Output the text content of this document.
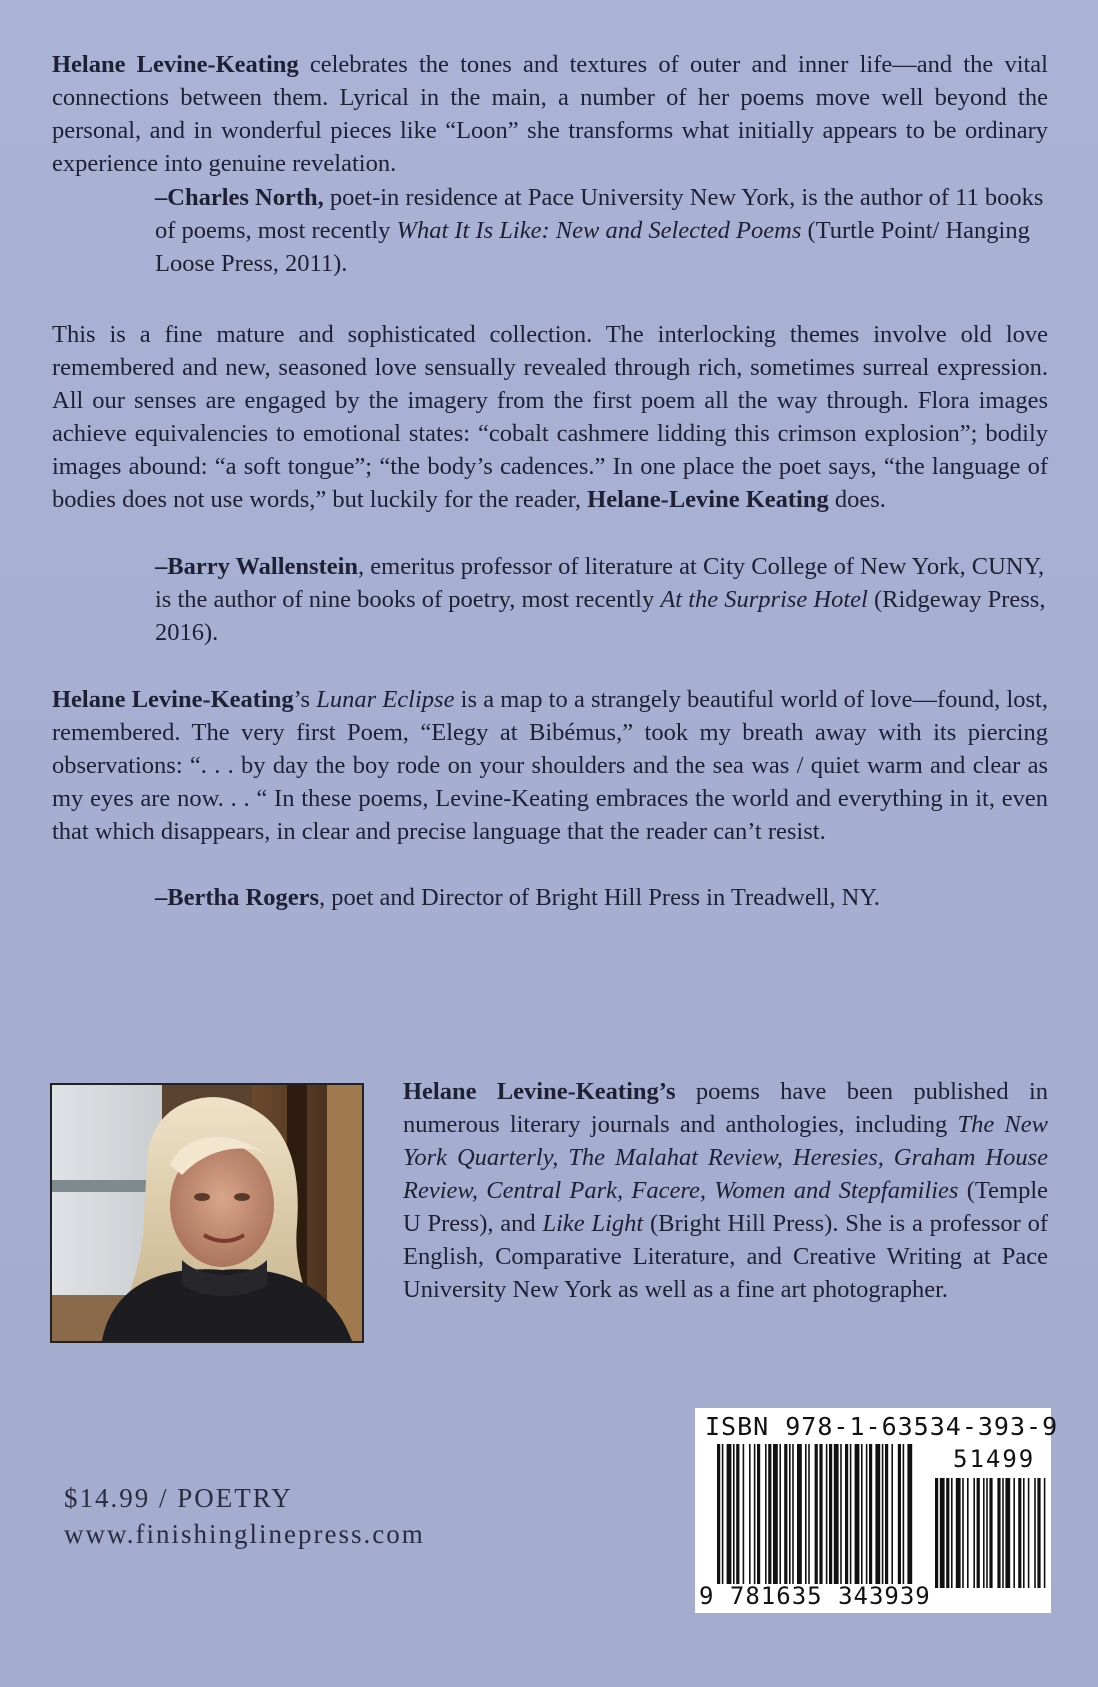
Helane Levine-Keating celebrates the tones and textures of outer and inner life—and the vital connections between them. Lyrical in the main, a number of her poems move well beyond the personal, and in wonderful pieces like “Loon” she transforms what initially appears to be ordinary experience into genuine revelation.
–Charles North, poet-in residence at Pace University New York, is the author of 11 books of poems, most recently What It Is Like: New and Selected Poems (Turtle Point/ Hanging Loose Press, 2011).
This is a fine mature and sophisticated collection. The interlocking themes involve old love remembered and new, seasoned love sensually revealed through rich, sometimes surreal expression. All our senses are engaged by the imagery from the first poem all the way through. Flora images achieve equivalencies to emotional states: “cobalt cashmere lidding this crimson explosion”; bodily images abound: “a soft tongue”; “the body’s cadences.” In one place the poet says, “the language of bodies does not use words,” but luckily for the reader, Helane-Levine Keating does.
–Barry Wallenstein, emeritus professor of literature at City College of New York, CUNY, is the author of nine books of poetry, most recently At the Surprise Hotel (Ridgeway Press, 2016).
Helane Levine-Keating’s Lunar Eclipse is a map to a strangely beautiful world of love—found, lost, remembered. The very first Poem, “Elegy at Bibémus,” took my breath away with its piercing observations: “. . . by day the boy rode on your shoulders and the sea was / quiet warm and clear as my eyes are now. . . “ In these poems, Levine-Keating embraces the world and everything in it, even that which disappears, in clear and precise language that the reader can’t resist.
–Bertha Rogers, poet and Director of Bright Hill Press in Treadwell, NY.
Helane Levine-Keating’s poems have been published in numerous literary journals and anthologies, including The New York Quarterly, The Malahat Review, Heresies, Graham House Review, Central Park, Facere, Women and Stepfamilies (Temple U Press), and Like Light (Bright Hill Press). She is a professor of English, Comparative Literature, and Creative Writing at Pace University New York as well as a fine art photographer.
$14.99 / POETRY
www.finishinglinepress.com
ISBN 978-1-63534-393-9
51499
9 781635 343939
